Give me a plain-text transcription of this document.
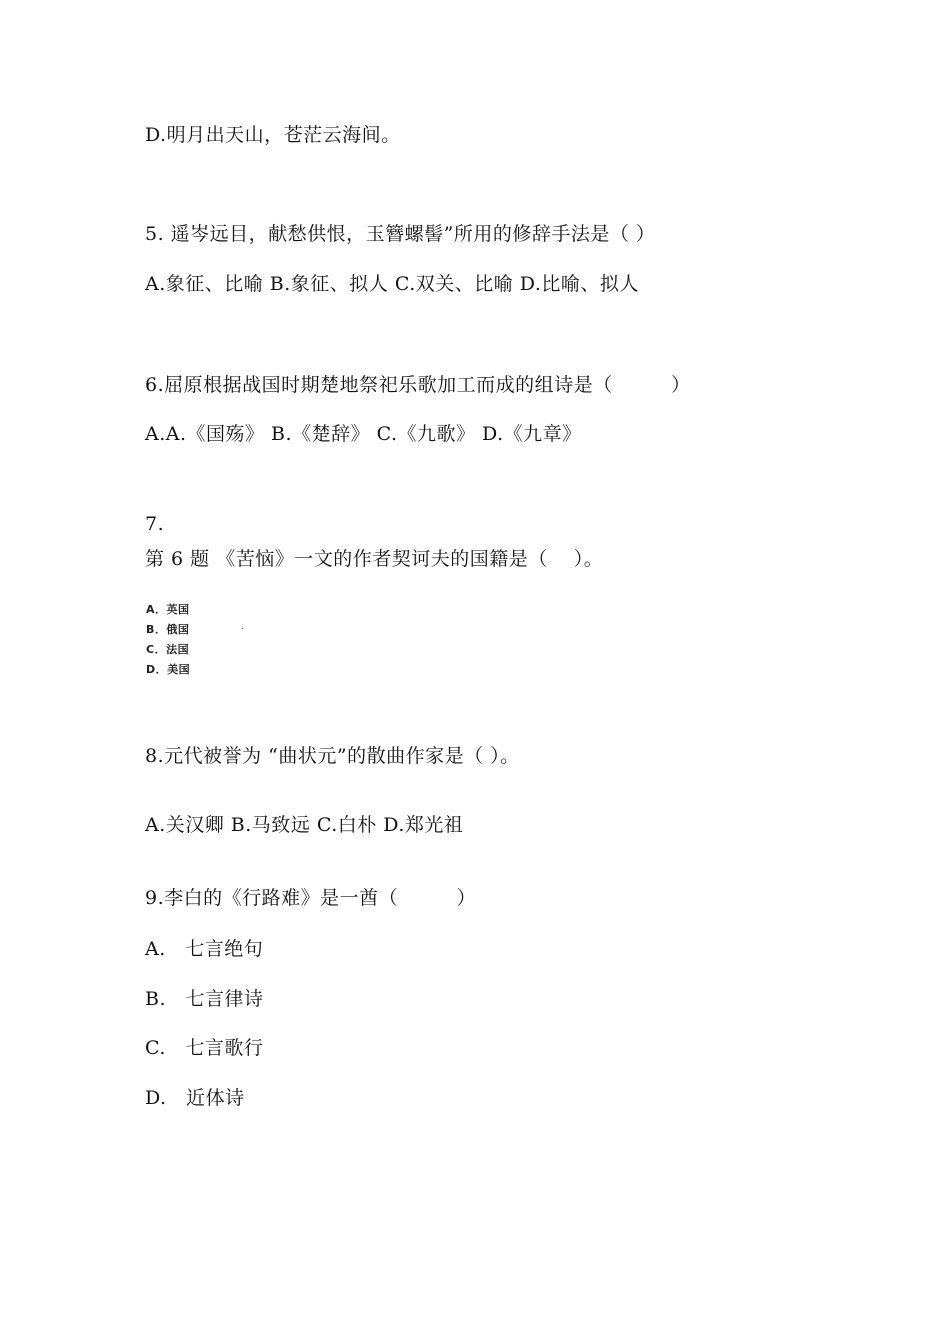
D.明月出天山，苍茫云海间。
5. 遥岑远目，献愁供恨，玉簪螺髻”所用的修辞手法是（ ）
A.象征、比喻 B.象征、拟人 C.双关、比喻 D.比喻、拟人
6.屈原根据战国时期楚地祭祀乐歌加工而成的组诗是（　　　）
A.A.《国殇》 B.《楚辞》 C.《九歌》 D.《九章》
7.
第 6 题 《苦恼》一文的作者契诃夫的国籍是（　 ）。
A．英国
B．俄国
C．法国
D．美国
8.元代被誉为 “曲状元”的散曲作家是（ ）。
A.关汉卿 B.马致远 C.白朴 D.郑光祖
9.李白的《行路难》是一酋（　　　）
A.　七言绝句
B.　七言律诗
C.　七言歌行
D.　近体诗
